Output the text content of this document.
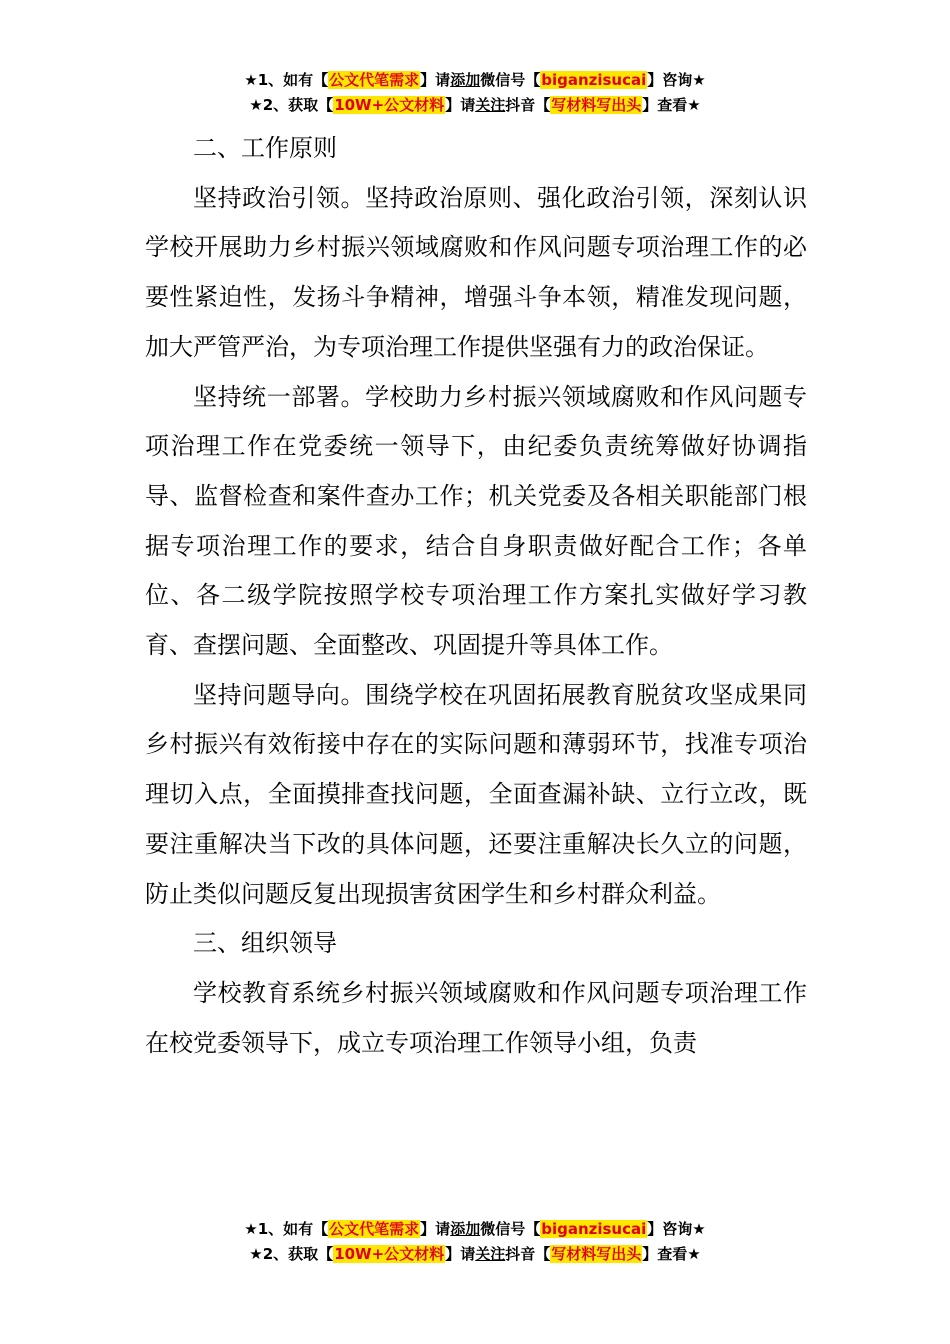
★1、如有【公文代笔需求】请添加微信号【biganzisucai】咨询★
★2、获取【10W+公文材料】请关注抖音【写材料写出头】查看★

二、工作原则

坚持政治引领。坚持政治原则、强化政治引领，深刻认识学校开展助力乡村振兴领域腐败和作风问题专项治理工作的必要性紧迫性，发扬斗争精神，增强斗争本领，精准发现问题，加大严管严治，为专项治理工作提供坚强有力的政治保证。

坚持统一部署。学校助力乡村振兴领域腐败和作风问题专项治理工作在党委统一领导下，由纪委负责统筹做好协调指导、监督检查和案件查办工作；机关党委及各相关职能部门根据专项治理工作的要求，结合自身职责做好配合工作；各单位、各二级学院按照学校专项治理工作方案扎实做好学习教育、查摆问题、全面整改、巩固提升等具体工作。

坚持问题导向。围绕学校在巩固拓展教育脱贫攻坚成果同乡村振兴有效衔接中存在的实际问题和薄弱环节，找准专项治理切入点，全面摸排查找问题，全面查漏补缺、立行立改，既要注重解决当下改的具体问题，还要注重解决长久立的问题，防止类似问题反复出现损害贫困学生和乡村群众利益。

三、组织领导

学校教育系统乡村振兴领域腐败和作风问题专项治理工作在校党委领导下，成立专项治理工作领导小组，负责

★1、如有【公文代笔需求】请添加微信号【biganzisucai】咨询★
★2、获取【10W+公文材料】请关注抖音【写材料写出头】查看★
